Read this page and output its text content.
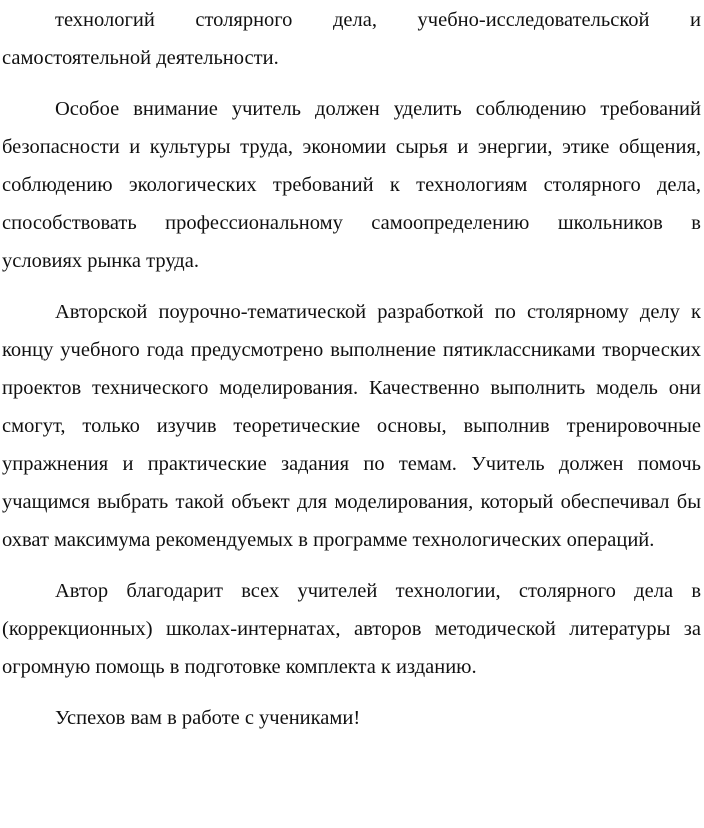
технологий столярного дела, учебно-исследовательской и
самостоятельной деятельности.
Особое внимание учитель должен уделить соблюдению требований
безопасности и культуры труда, экономии сырья и энергии, этике общения,
соблюдению экологических требований к технологиям столярного дела,
способствовать профессиональному самоопределению школьников в
условиях рынка труда.
Авторской поурочно-тематической разработкой по столярному делу к
концу учебного года предусмотрено выполнение пятиклассниками творческих
проектов технического моделирования. Качественно выполнить модель они
смогут, только изучив теоретические основы, выполнив тренировочные
упражнения и практические задания по темам. Учитель должен помочь
учащимся выбрать такой объект для моделирования, который обеспечивал бы
охват максимума рекомендуемых в программе технологических операций.
Автор благодарит всех учителей технологии, столярного дела в
(коррекционных) школах-интернатах, авторов методической литературы за
огромную помощь в подготовке комплекта к изданию.
Успехов вам в работе с учениками!
